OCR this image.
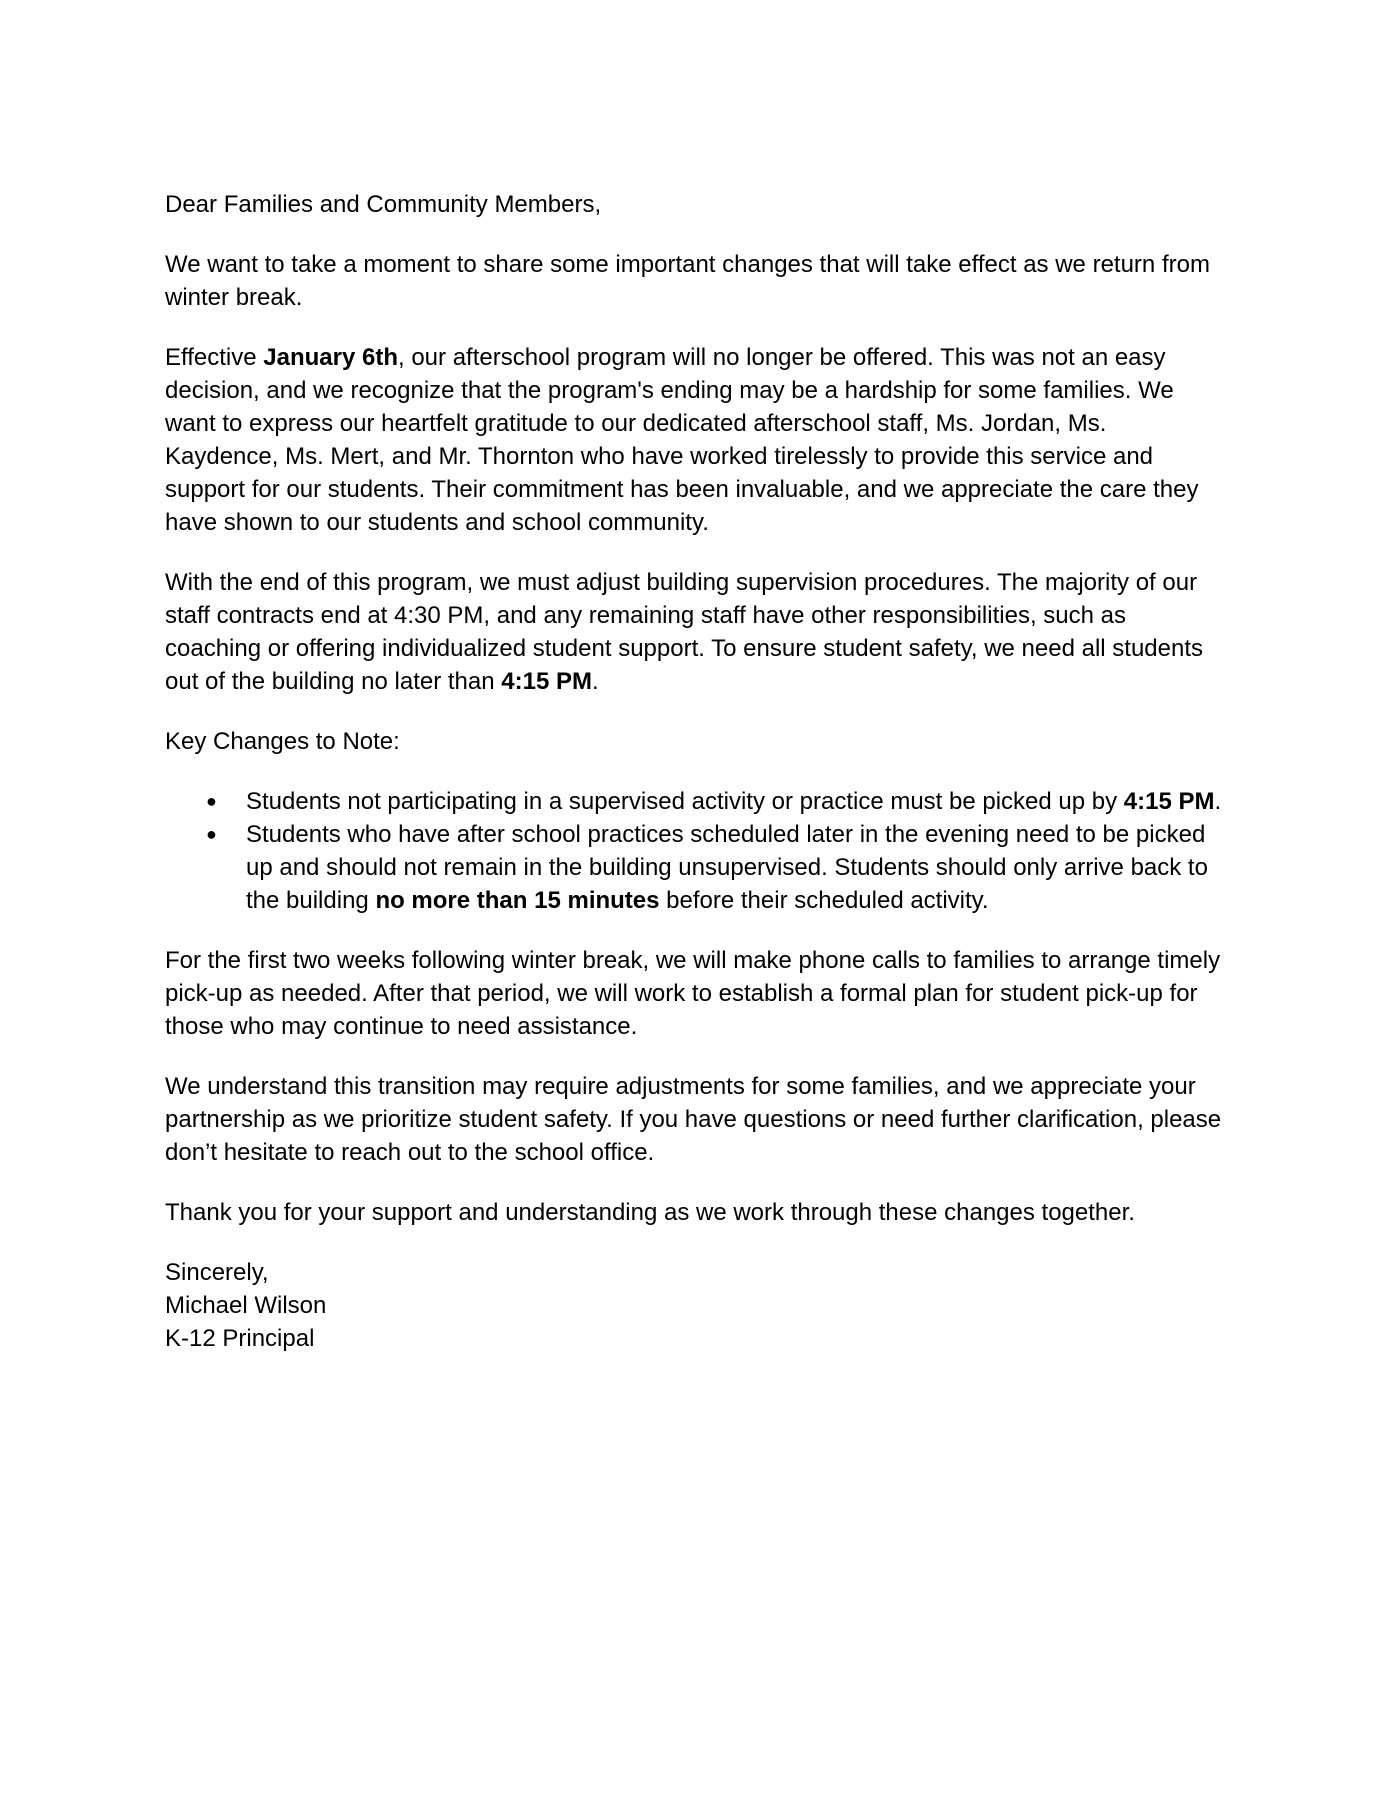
Dear Families and Community Members,

We want to take a moment to share some important changes that will take effect as we return from winter break.

Effective January 6th, our afterschool program will no longer be offered. This was not an easy decision, and we recognize that the program's ending may be a hardship for some families. We want to express our heartfelt gratitude to our dedicated afterschool staff, Ms. Jordan, Ms. Kaydence, Ms. Mert, and Mr. Thornton who have worked tirelessly to provide this service and support for our students. Their commitment has been invaluable, and we appreciate the care they have shown to our students and school community.

With the end of this program, we must adjust building supervision procedures. The majority of our staff contracts end at 4:30 PM, and any remaining staff have other responsibilities, such as coaching or offering individualized student support. To ensure student safety, we need all students out of the building no later than 4:15 PM.

Key Changes to Note:

● Students not participating in a supervised activity or practice must be picked up by 4:15 PM.
● Students who have after school practices scheduled later in the evening need to be picked up and should not remain in the building unsupervised. Students should only arrive back to the building no more than 15 minutes before their scheduled activity.

For the first two weeks following winter break, we will make phone calls to families to arrange timely pick-up as needed. After that period, we will work to establish a formal plan for student pick-up for those who may continue to need assistance.

We understand this transition may require adjustments for some families, and we appreciate your partnership as we prioritize student safety. If you have questions or need further clarification, please don’t hesitate to reach out to the school office.

Thank you for your support and understanding as we work through these changes together.

Sincerely,
Michael Wilson
K-12 Principal
